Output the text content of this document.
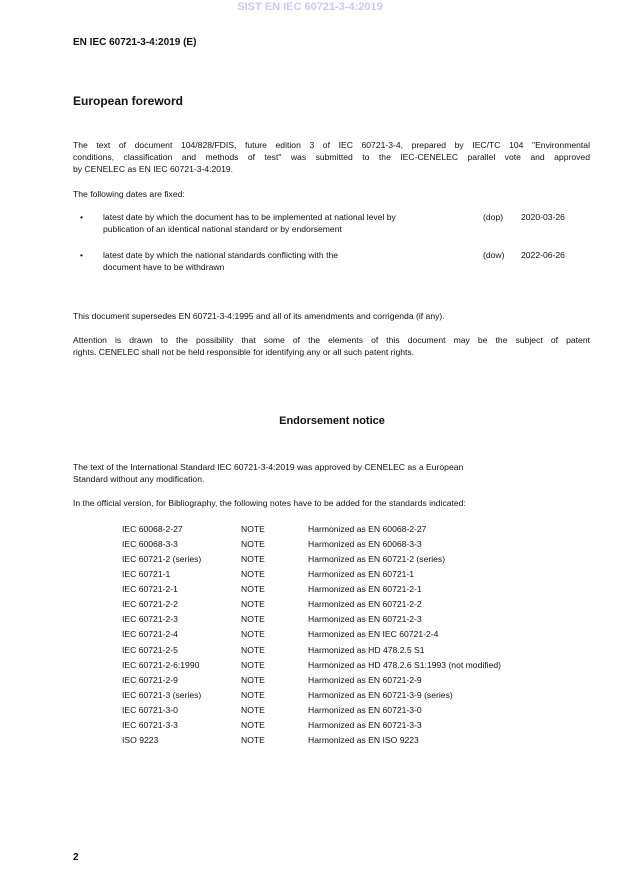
SIST EN IEC 60721-3-4:2019
EN IEC 60721-3-4:2019 (E)
European foreword
The text of document 104/828/FDIS, future edition 3 of IEC 60721-3-4, prepared by IEC/TC 104 "Environmental
conditions, classification and methods of test" was submitted to the IEC-CENELEC parallel vote and approved
by CENELEC as EN IEC 60721-3-4:2019.
The following dates are fixed:
• latest date by which the document has to be implemented at national level by
publication of an identical national standard or by endorsement
(dop) 2020-03-26
• latest date by which the national standards conflicting with the
document have to be withdrawn
(dow) 2022-06-26
This document supersedes EN 60721-3-4:1995 and all of its amendments and corrigenda (if any).
Attention is drawn to the possibility that some of the elements of this document may be the subject of patent
rights. CENELEC shall not be held responsible for identifying any or all such patent rights.
Endorsement notice
The text of the International Standard IEC 60721-3-4:2019 was approved by CENELEC as a European
Standard without any modification.
In the official version, for Bibliography, the following notes have to be added for the standards indicated:
IEC 60068-2-27	NOTE	Harmonized as EN 60068-2-27
IEC 60068-3-3	NOTE	Harmonized as EN 60068-3-3
IEC 60721-2 (series)	NOTE	Harmonized as EN 60721-2 (series)
IEC 60721-1	NOTE	Harmonized as EN 60721-1
IEC 60721-2-1	NOTE	Harmonized as EN 60721-2-1
IEC 60721-2-2	NOTE	Harmonized as EN 60721-2-2
IEC 60721-2-3	NOTE	Harmonized as EN 60721-2-3
IEC 60721-2-4	NOTE	Harmonized as EN IEC 60721-2-4
IEC 60721-2-5	NOTE	Harmonized as HD 478.2.5 S1
IEC 60721-2-6:1990	NOTE	Harmonized as HD 478.2.6 S1:1993 (not modified)
IEC 60721-2-9	NOTE	Harmonized as EN 60721-2-9
IEC 60721-3 (series)	NOTE	Harmonized as EN 60721-3-9 (series)
IEC 60721-3-0	NOTE	Harmonized as EN 60721-3-0
IEC 60721-3-3	NOTE	Harmonized as EN 60721-3-3
ISO 9223	NOTE	Harmonized as EN ISO 9223
2
